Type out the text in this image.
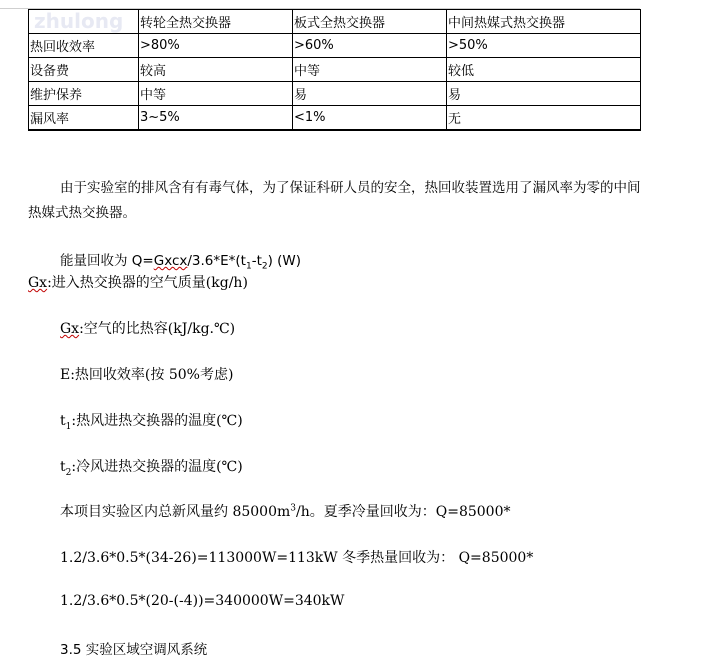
zhulong
	转轮全热交换器	板式全热交换器	中间热媒式热交换器
热回收效率	>80%	>60%	>50%
设备费	较高	中等	较低
维护保养	中等	易	易
漏风率	3~5%	<1%	无
由于实验室的排风含有有毒气体，为了保证科研人员的安全，热回收装置选用了漏风率为零的中间热媒式热交换器。
能量回收为 $Q=Gxcx/3.6*E*(t_1-t_2)$ (W)
Gx:进入热交换器的空气质量(kg/h)
Gx:空气的比热容(kJ/kg.℃)
E:热回收效率(按 50%考虑)
$t_1$:热风进热交换器的温度(℃)
$t_2$:冷风进热交换器的温度(℃)
本项目实验区内总新风量约 $85000m^3/h$。夏季冷量回收为：Q=85000*
1.2/3.6*0.5*(34-26)=113000W=113kW 冬季热量回收为： Q=85000*
1.2/3.6*0.5*(20-(-4))=340000W=340kW
3.5 实验区域空调风系统
